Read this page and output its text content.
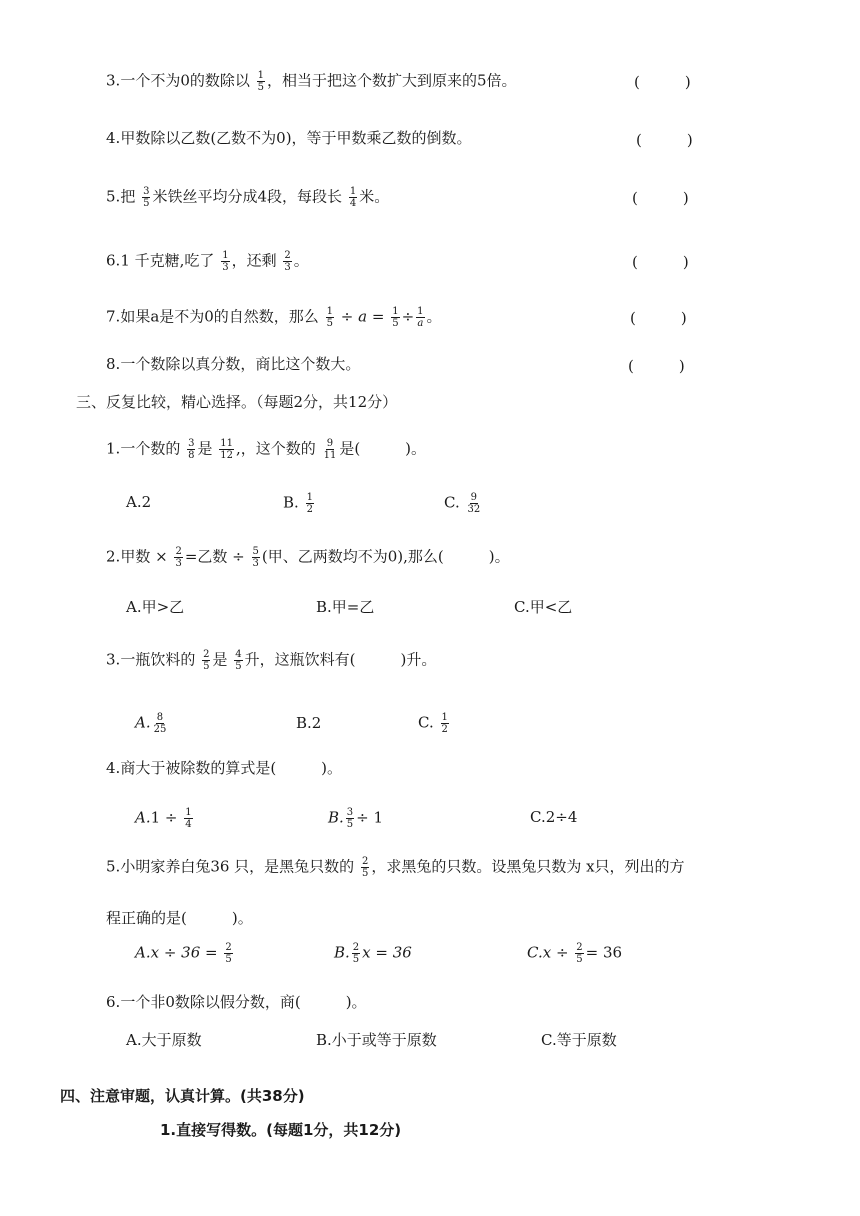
3.一个不为0的数除以 $\frac{1}{5}$ ，相当于把这个数扩大到原来的5倍。	(　　　)
4.甲数除以乙数(乙数不为0)，等于甲数乘乙数的倒数。	(　　　)
5.把 $\frac{3}{5}$ 米铁丝平均分成4段，每段长 $\frac{1}{4}$ 米。	(　　　)
6.1 千克糖,吃了 $\frac{1}{3}$ ，还剩 $\frac{2}{3}$ 。	(　　　)
7.如果a是不为0的自然数，那么 $\frac{1}{5} \div a = \frac{1}{5} \div \frac{1}{a}$ 。	(　　　)
8.一个数除以真分数，商比这个数大。	(　　　)
三、反复比较，精心选择。（每题2分，共12分）
1.一个数的 $\frac{3}{8}$ 是 $\frac{11}{12}$ ,，这个数的 $\frac{9}{11}$ 是(　　　)。
A.2	B. $\frac{1}{2}$	C. $\frac{9}{32}$
2.甲数 × $\frac{2}{3}$ =乙数 ÷ $\frac{5}{3}$ (甲、乙两数均不为0),那么(　　　)。
A.甲>乙	B.甲=乙	C.甲<乙
3.一瓶饮料的 $\frac{2}{5}$ 是 $\frac{4}{5}$ 升，这瓶饮料有(　　　)升。
A. $\frac{8}{25}$	B.2	C. $\frac{1}{2}$
4.商大于被除数的算式是(　　　)。
$A.1 \div \frac{1}{4}$	B. $\frac{3}{5} \div 1$	C.2÷4
5.小明家养白兔36 只，是黑兔只数的 $\frac{2}{5}$ ，求黑兔的只数。设黑兔只数为 x只，列出的方
程正确的是(　　　)。
$A.x \div 36 = \frac{2}{5}$	B. $\frac{2}{5}$ x = 36	$C.x \div \frac{2}{5} = 36$
6.一个非0数除以假分数，商(　　　)。
A.大于原数	B.小于或等于原数	C.等于原数
四、注意审题，认真计算。(共38分)
1.直接写得数。(每题1分，共12分)
